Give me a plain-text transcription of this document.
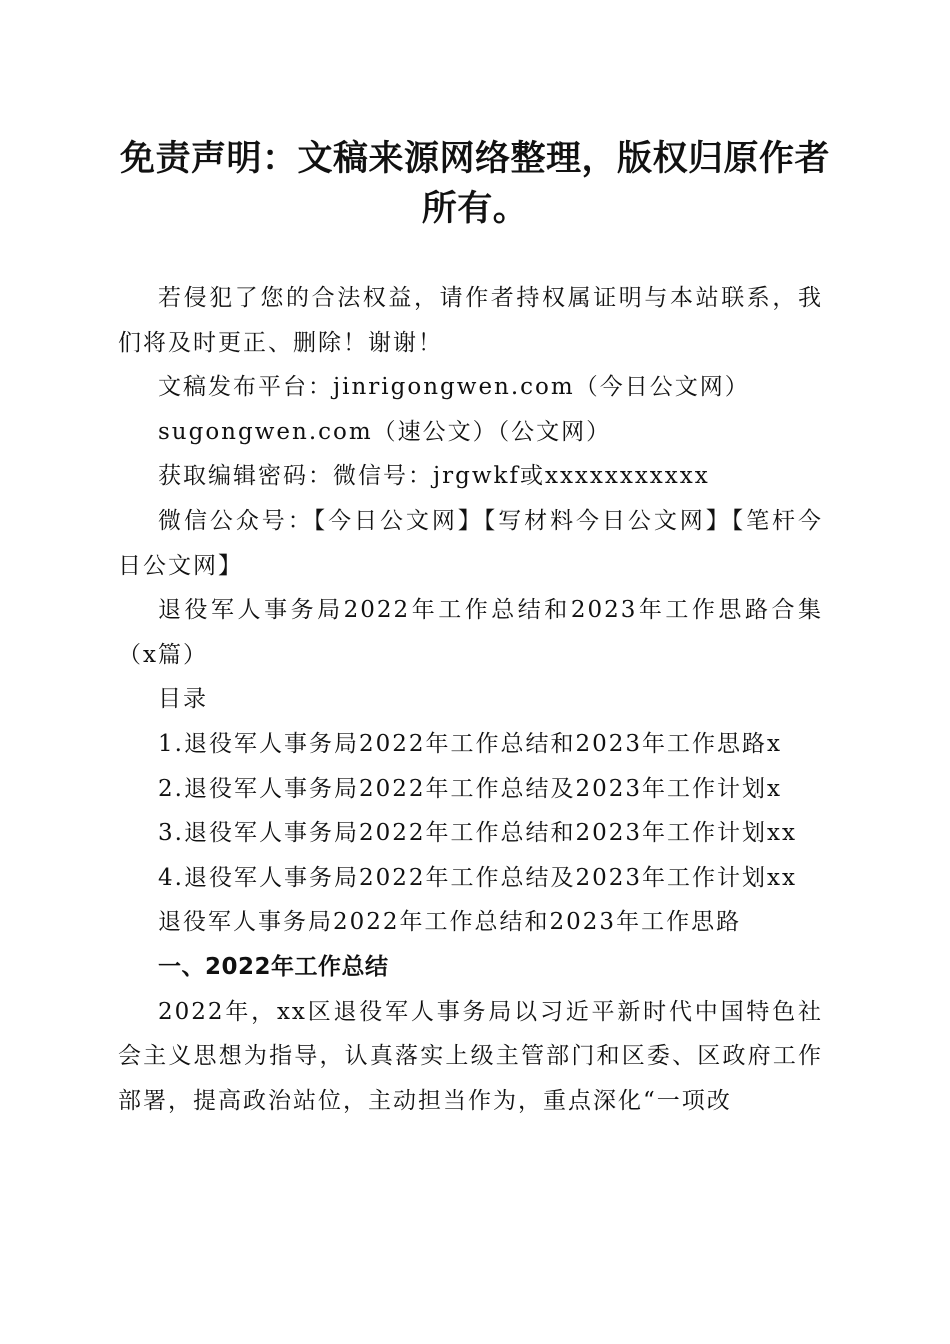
免责声明：文稿来源网络整理，版权归原作者所有。

若侵犯了您的合法权益，请作者持权属证明与本站联系，我们将及时更正、删除！谢谢！

文稿发布平台：jinrigongwen.com（今日公文网）

sugongwen.com（速公文）（公文网）

获取编辑密码：微信号：jrgwkf或xxxxxxxxxxx

微信公众号：【今日公文网】【写材料今日公文网】【笔杆今日公文网】

退役军人事务局2022年工作总结和2023年工作思路合集（x篇）

目录

1.退役军人事务局2022年工作总结和2023年工作思路x

2.退役军人事务局2022年工作总结及2023年工作计划x

3.退役军人事务局2022年工作总结和2023年工作计划xx

4.退役军人事务局2022年工作总结及2023年工作计划xx

退役军人事务局2022年工作总结和2023年工作思路

一、2022年工作总结

2022年，xx区退役军人事务局以习近平新时代中国特色社会主义思想为指导，认真落实上级主管部门和区委、区政府工作部署，提高政治站位，主动担当作为，重点深化“一项改
